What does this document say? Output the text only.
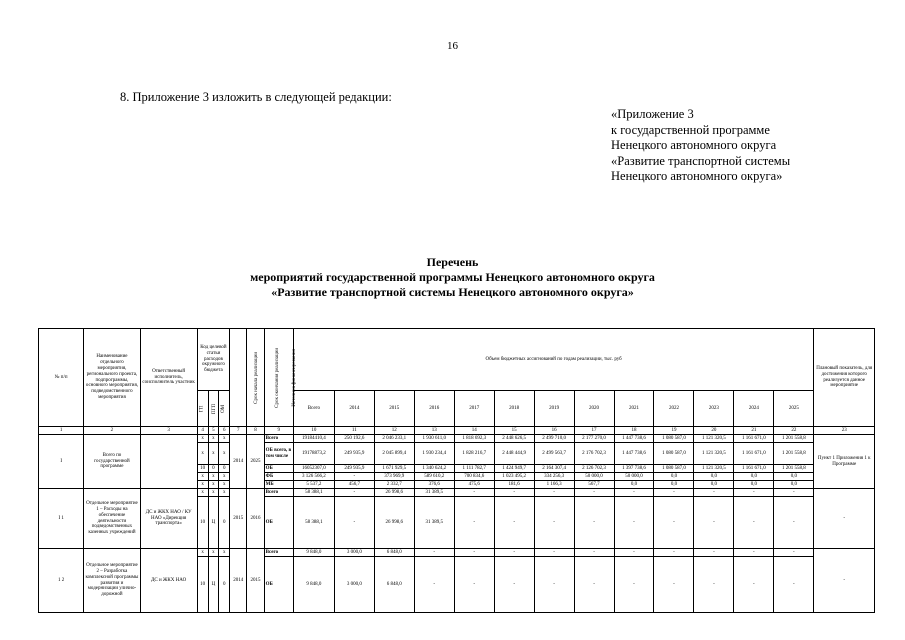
16
8. Приложение 3 изложить в следующей редакции:
«Приложение 3
к государственной программе
Ненецкого автономного округа
«Развитие транспортной системы
Ненецкого автономного округа»
Перечень
мероприятий государственной программы Ненецкого автономного округа
«Развитие транспортной системы Ненецкого автономного округа»
№ п/п	Наименование отдельного мероприятия, регионального проекта, подпрограммы, основного мероприятия, подведомственного мероприятия	Ответственный исполнитель, соисполнитель участник	Код целевой статьи расходов окружного бюджета			Срок начала реализации	Срок окончания реализации	Источник финансирования	Объем бюджетных ассигнований по годам реализации, тыс. руб													Плановый показатель, для достижения которого реализуется данное мероприятие
			ГП	ПГП	ОМ				Всего	2014	2015	2016	2017	2018	2019	2020	2021	2022	2023	2024	2025	
1	2	3	4	5	6	7	8	9	10	11	12	13	14	15	16	17	18	19	20	21	22	23
I	Всего по государственной программе		х	х	х	2014	2025	Всего	19184410,4	250 192,6	2 046 233,1	1 930 611,0	1 818 692,3	2 448 626,5	2 499 710,0	2 177 270,0	1 447 738,6	1 080 587,0	1 121 320,5	1 161 671,0	1 201 558,8	Пункт 1 Приложения 1 к Программе
			х	х	х			ОБ всего, в том числе	19178873,2	249 935,9	2 045 899,4	1 930 234,4	1 828 216,7	2 448 444,9	2 499 563,7	2 176 702,3	1 447 738,6	1 080 587,0	1 121 320,5	1 161 671,0	1 201 558,8	
			10	0	0			ОБ	16052307,0	249 935,9	1 671 929,5	1 340 624,2	1 111 782,7	1 424 949,7	2 164 307,4	2 126 702,3	1 397 738,6	1 080 587,0	1 121 320,5	1 161 671,0	1 201 558,8	
			х	х	х			ФБ	3 126 566,2	-	373 969,9	589 610,2	700 834,6	1 023 495,2	334 256,3	50 000,0	50 000,0	0,0	0,0	0,0	0,0	
			х	х	х			МБ	5 537,2	456,7	2 332,7	376,6	475,6	181,6	1 166,3	567,7	0,0	0,0	0,0	0,0	0,0	
I 1	Отдельное мероприятие 1 – Расходы на обеспечение деятельности подведомственных казенных учреждений	ДС и ЖКХ НАО / КУ НАО «Дирекция транспорта»	х	х	х	2015	2016	Всего	58 388,1	-	26 998,6	31 389,5	-	-	-	-	-	-	-	-	-	-
			10	Ц	0			ОБ	58 388,1	-	26 998,6	31 389,5	-	-	-	-	-	-	-	-	-	
1 2	Отдельное мероприятие 2 – Разработка комплексной программы развития и модернизации улично-дорожной	ДС и ЖКХ НАО	х	х	х	2014	2015	Всего	9 848,0	3 000,0	6 848,0	-	-	-	-	-	-	-	-	-	-	-
			10	Ц	0			ОБ	9 848,0	3 000,0	6 848,0	-	-	-	-	-	-	-	-	-	-	
